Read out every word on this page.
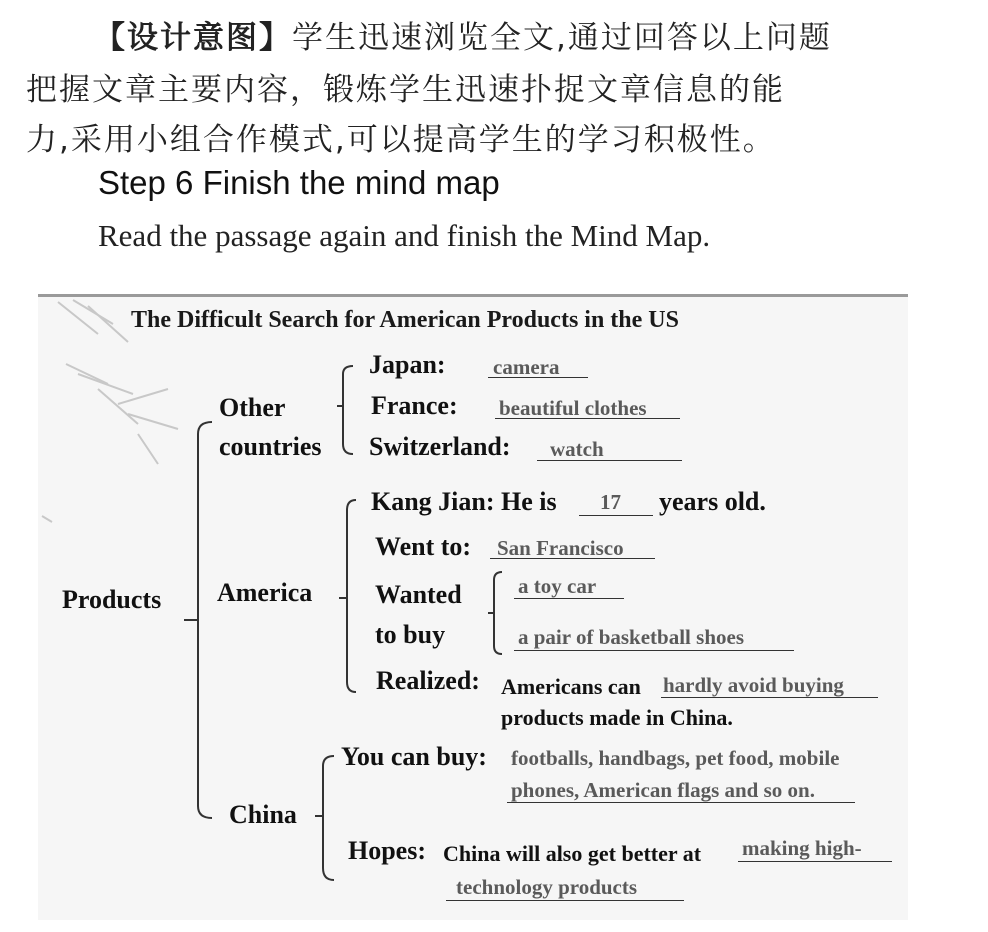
【设计意图】学生迅速浏览全文,通过回答以上问题
把握文章主要内容，锻炼学生迅速扑捉文章信息的能
力,采用小组合作模式,可以提高学生的学习积极性。
Step 6 Finish the mind map
Read the passage again and finish the Mind Map.
The Difficult Search for American Products in the US
Products
Other
countries
Japan: camera
France: beautiful clothes
Switzerland: watch
America
Kang Jian: He is 17 years old.
Went to: San Francisco
Wanted
to buy
a toy car
a pair of basketball shoes
Realized: Americans can hardly avoid buying
products made in China.
China
You can buy: footballs, handbags, pet food, mobile
phones, American flags and so on.
Hopes: China will also get better at making high-
technology products
